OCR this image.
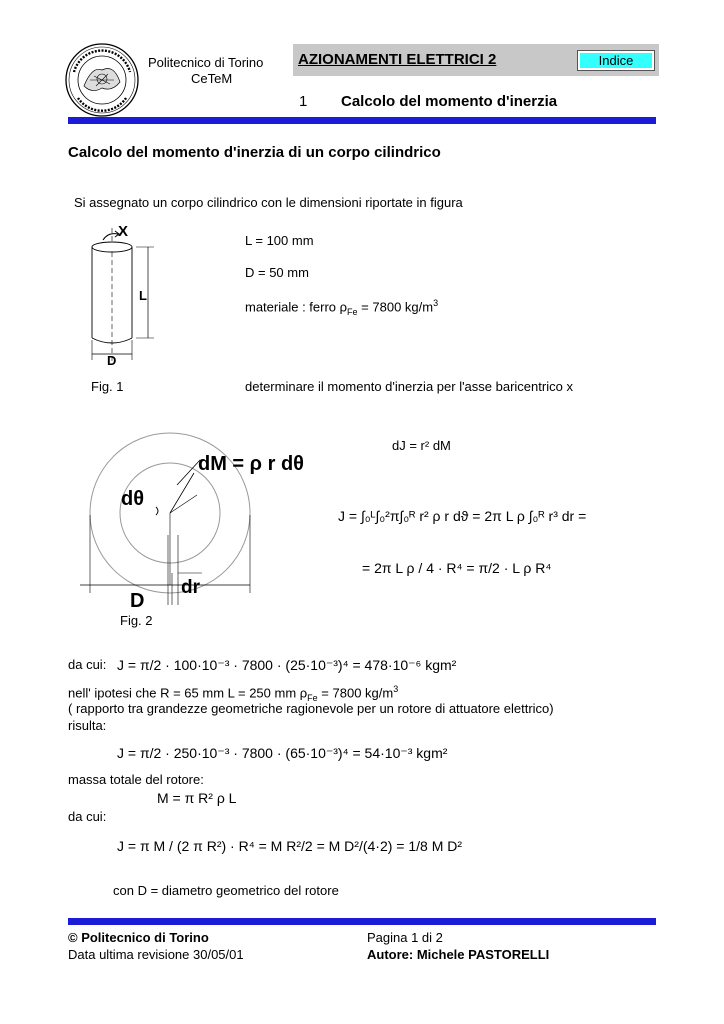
Politecnico di Torino
CeTeM
AZIONAMENTI ELETTRICI 2	Indice
1 Calcolo del momento d'inerzia
Calcolo del momento d'inerzia di un corpo cilindrico
Si assegnato un corpo cilindrico con le dimensioni riportate in figura
X
L
D
Fig. 1
L = 100 mm
D = 50 mm
materiale : ferro $\rho_{Fe} = 7800$ $kg/m^3$
determinare il momento d'inerzia per l'asse baricentrico x
dM = ρ r dθ
dθ
dr
D
Fig. 2
dJ = r² dM
J = ∫₀ᴸ∫₀²π∫₀ᴿ r² ρ r dϑ = 2π L ρ ∫₀ᴿ r³ dr =
= 2π L ρ / 4 · R⁴ = π/2 · L ρ R⁴
da cui: J = π/2 · 100·10⁻³ · 7800 · (25·10⁻³)⁴ = 478·10⁻⁶ kgm²
nell' ipotesi che R = 65 mm L = 250 mm $\rho_{Fe} = 7800$ $kg/m^3$
( rapporto tra grandezze geometriche ragionevole per un rotore di attuatore elettrico)
risulta:
J = π/2 · 250·10⁻³ · 7800 · (65·10⁻³)⁴ = 54·10⁻³ kgm²
massa totale del rotore:
M = π R² ρ L
da cui:
J = π M / (2 π R²) · R⁴ = M R²/2 = M D²/(4·2) = 1/8 M D²
con D = diametro geometrico del rotore
© Politecnico di Torino
Data ultima revisione 30/05/01
Pagina 1 di 2
Autore: Michele PASTORELLI
